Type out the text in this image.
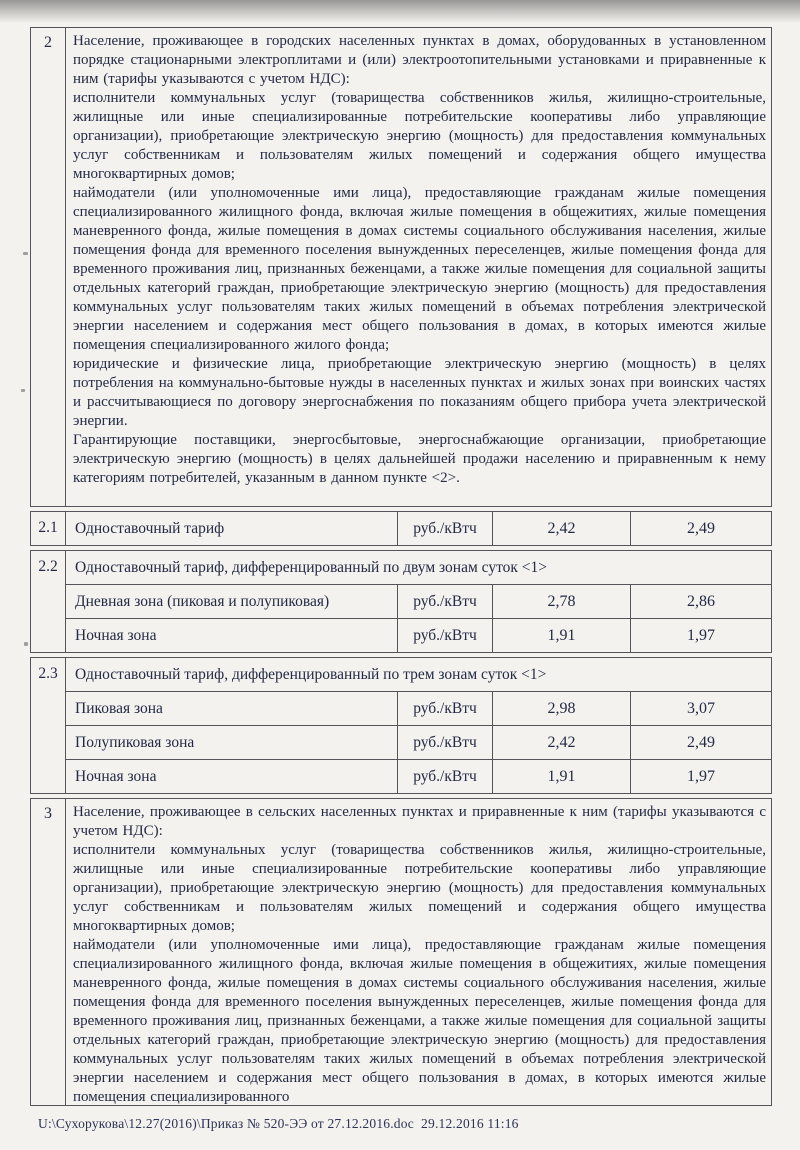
2	Население, проживающее в городских населенных пунктах в домах, оборудованных в установленном порядке стационарными электроплитами и (или) электроотопительными установками и приравненные к ним (тарифы указываются с учетом НДС):

исполнители коммунальных услуг (товарищества собственников жилья, жилищно-строительные, жилищные или иные специализированные потребительские кооперативы либо управляющие организации), приобретающие электрическую энергию (мощность) для предоставления коммунальных услуг собственникам и пользователям жилых помещений и содержания общего имущества многоквартирных домов;

наймодатели (или уполномоченные ими лица), предоставляющие гражданам жилые помещения специализированного жилищного фонда, включая жилые помещения в общежитиях, жилые помещения маневренного фонда, жилые помещения в домах системы социального обслуживания населения, жилые помещения фонда для временного поселения вынужденных переселенцев, жилые помещения фонда для временного проживания лиц, признанных беженцами, а также жилые помещения для социальной защиты отдельных категорий граждан, приобретающие электрическую энергию (мощность) для предоставления коммунальных услуг пользователям таких жилых помещений в объемах потребления электрической энергии населением и содержания мест общего пользования в домах, в которых имеются жилые помещения специализированного жилого фонда;

юридические и физические лица, приобретающие электрическую энергию (мощность) в целях потребления на коммунально-бытовые нужды в населенных пунктах и жилых зонах при воинских частях и рассчитывающиеся по договору энергоснабжения по показаниям общего прибора учета электрической энергии.

Гарантирующие поставщики, энергосбытовые, энергоснабжающие организации, приобретающие электрическую энергию (мощность) в целях дальнейшей продажи населению и приравненным к нему категориям потребителей, указанным в данном пункте <2>.

2.1	Одноставочный тариф	руб./кВтч	2,42	2,49
2.2	Одноставочный тариф, дифференцированный по двум зонам суток <1>
Дневная зона (пиковая и полупиковая)	руб./кВтч	2,78	2,86
Ночная зона	руб./кВтч	1,91	1,97
2.3	Одноставочный тариф, дифференцированный по трем зонам суток <1>
Пиковая зона	руб./кВтч	2,98	3,07
Полупиковая зона	руб./кВтч	2,42	2,49
Ночная зона	руб./кВтч	1,91	1,97
3	Население, проживающее в сельских населенных пунктах и приравненные к ним (тарифы указываются с учетом НДС):

исполнители коммунальных услуг (товарищества собственников жилья, жилищно-строительные, жилищные или иные специализированные потребительские кооперативы либо управляющие организации), приобретающие электрическую энергию (мощность) для предоставления коммунальных услуг собственникам и пользователям жилых помещений и содержания общего имущества многоквартирных домов;

наймодатели (или уполномоченные ими лица), предоставляющие гражданам жилые помещения специализированного жилищного фонда, включая жилые помещения в общежитиях, жилые помещения маневренного фонда, жилые помещения в домах системы социального обслуживания населения, жилые помещения фонда для временного поселения вынужденных переселенцев, жилые помещения фонда для временного проживания лиц, признанных беженцами, а также жилые помещения для социальной защиты отдельных категорий граждан, приобретающие электрическую энергию (мощность) для предоставления коммунальных услуг пользователям таких жилых помещений в объемах потребления электрической энергии населением и содержания мест общего пользования в домах, в которых имеются жилые помещения специализированного

U:\Сухорукова\12.27(2016)\Приказ № 520-ЭЭ от 27.12.2016.doc  29.12.2016 11:16
